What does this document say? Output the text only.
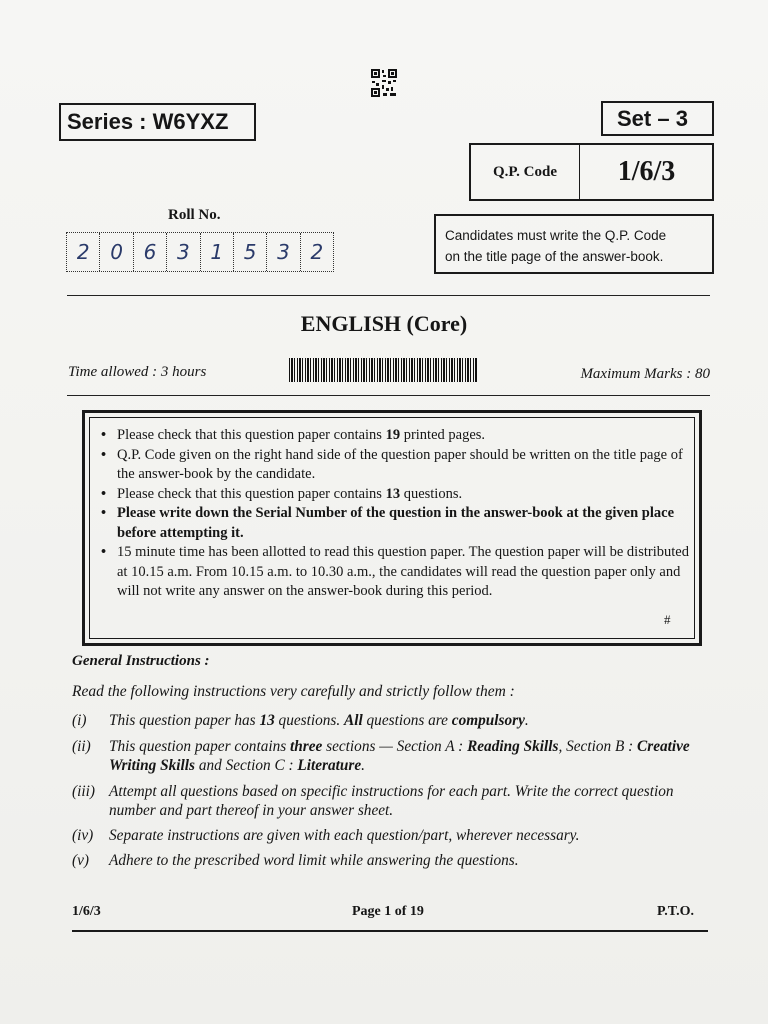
Series : W6YXZ	Set – 3
Q.P. Code	1/6/3
Candidates must write the Q.P. Code
on the title page of the answer-book.
Roll No.
2	0	6	3	1	5	3	2
ENGLISH (Core)
Time allowed : 3 hours	Maximum Marks : 80
• Please check that this question paper contains 19 printed pages.
• Q.P. Code given on the right hand side of the question paper should be written on the title page of the answer-book by the candidate.
• Please check that this question paper contains 13 questions.
• Please write down the Serial Number of the question in the answer-book at the given place before attempting it.
• 15 minute time has been allotted to read this question paper. The question paper will be distributed at 10.15 a.m. From 10.15 a.m. to 10.30 a.m., the candidates will read the question paper only and will not write any answer on the answer-book during this period.
#
General Instructions :
Read the following instructions very carefully and strictly follow them :
(i) This question paper has 13 questions. All questions are compulsory.
(ii) This question paper contains three sections — Section A : Reading Skills, Section B : Creative Writing Skills and Section C : Literature.
(iii) Attempt all questions based on specific instructions for each part. Write the correct question number and part thereof in your answer sheet.
(iv) Separate instructions are given with each question/part, wherever necessary.
(v) Adhere to the prescribed word limit while answering the questions.
1/6/3	Page 1 of 19	P.T.O.
